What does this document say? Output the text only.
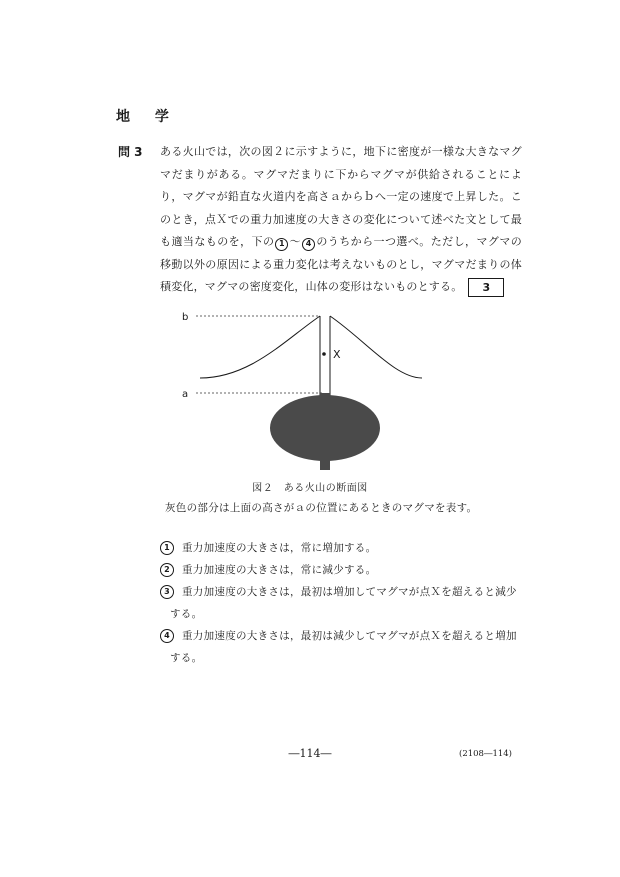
地 学
問 3 ある火山では，次の図２に示すように，地下に密度が一様な大きなマグマだまりがある。マグマだまりに下からマグマが供給されることにより，マグマが鉛直な火道内を高さａからｂへ一定の速度で上昇した。このとき，点Ｘでの重力加速度の大きさの変化について述べた文として最も適当なものを，下の 1 ～ 4 のうちから一つ選べ。ただし，マグマの移動以外の原因による重力変化は考えないものとし，マグマだまりの体積変化，マグマの密度変化，山体の変形はないものとする。 3
X
b
a
図２　ある火山の断面図
灰色の部分は上面の高さがａの位置にあるときのマグマを表す。
1	重力加速度の大きさは，常に増加する。
2	重力加速度の大きさは，常に減少する。
3	重力加速度の大きさは，最初は増加してマグマが点Ｘを超えると減少
する。
4	重力加速度の大きさは，最初は減少してマグマが点Ｘを超えると増加
する。
―114―	(2108―114)
